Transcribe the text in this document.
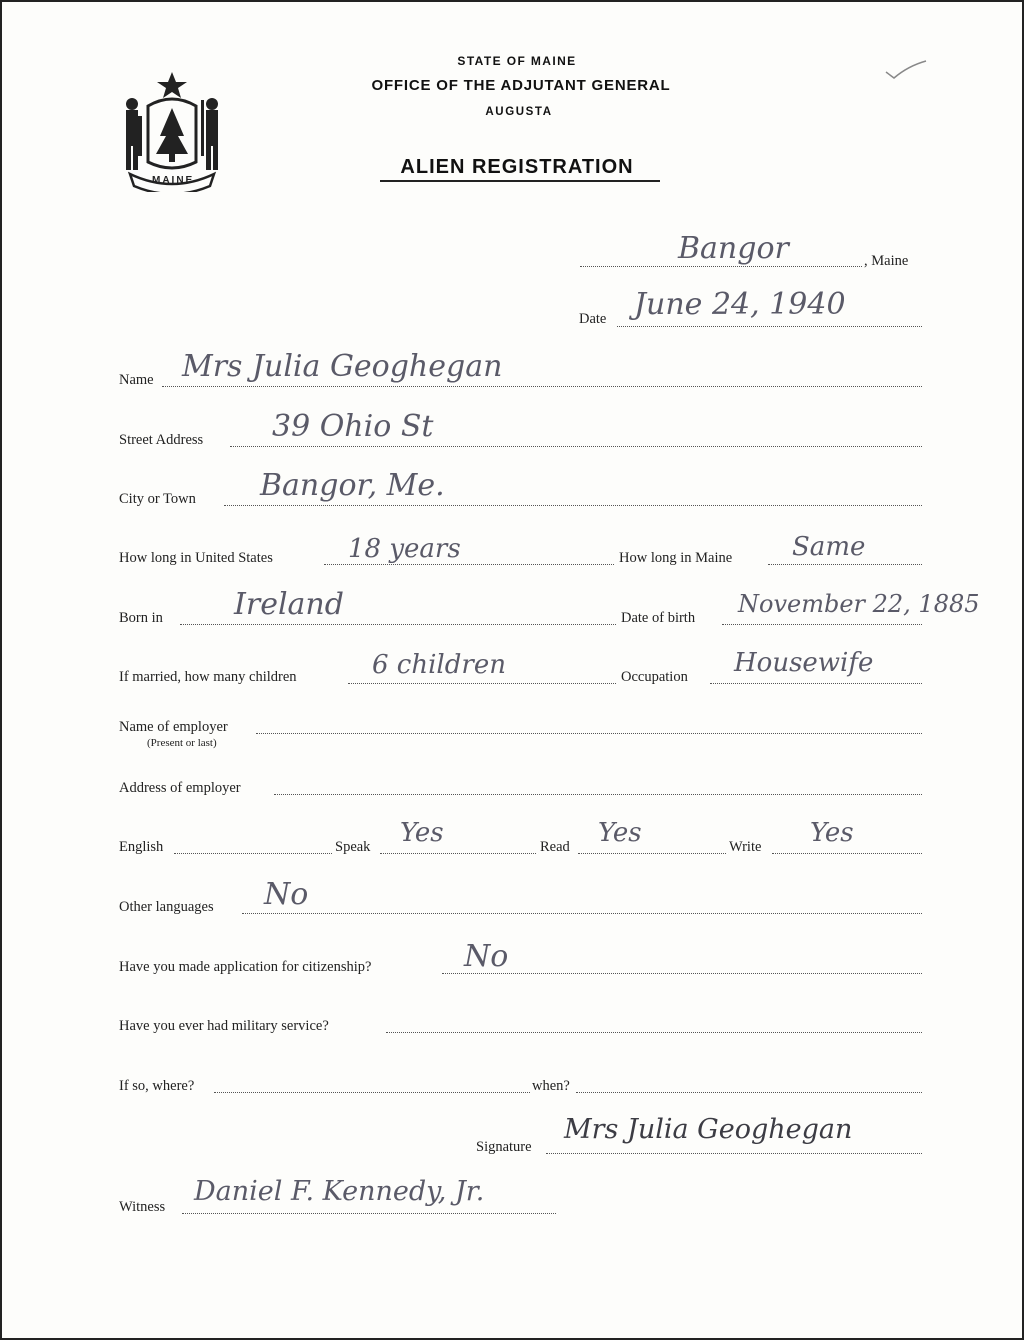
MAINE
STATE OF MAINE
OFFICE OF THE ADJUTANT GENERAL
AUGUSTA
ALIEN REGISTRATION
Bangor	, Maine
Date June 24, 1940
Name Mrs Julia Geoghegan
Street Address 39 Ohio St
City or Town Bangor, Me.
How long in United States	18 years	How long in Maine Same
Born in Ireland	Date of birth November 22, 1885
If married, how many children	6 children	Occupation Housewife
Name of employer
(Present or last)
Address of employer
English	Speak Yes	Read Yes	Write Yes
Other languages No
Have you made application for citizenship?	No
Have you ever had military service?
If so, where?	when?
Signature
Mrs Julia Geoghegan
Witness Daniel F. Kennedy, Jr.
